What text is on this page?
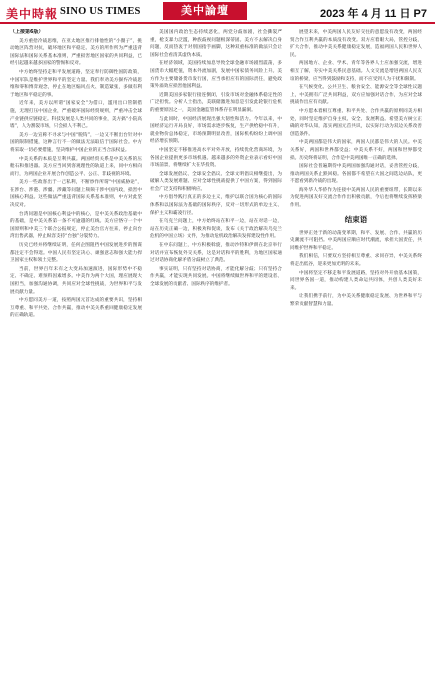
美中時報 SINO US TIMES	美中論壇	2023 年 4 月 11 日 P7

（上接第6版）

美方重拾冷战思维，在亚太地区推行排他性的“小圈子”，挑动地区阵营对抗，破坏地区和平稳定。美方的所作所为严重违背国际法和国际关系基本准则，严重损害地区国家的共同利益，已经引起越来越多国家的警惕和反对。

中方始终坚持走和平发展道路，坚定奉行防御性国防政策，中国军队是维护世界和平的坚定力量。我们奉劝美方摒弃冷战思维和零和博弈观念，停止在地区煽风点火、制造紧张，多做有利于地区和平稳定的事。

近年来，美方以所谓“国家安全”为借口，滥用出口管制措施，无理打压中国企业，严重破坏国际经贸规则，严重冲击全球产业链供应链稳定。科技发展是人类共同的事业，美方搞“小院高墙”，人为割裂市场，只会损人不利己。

美方一边宣称不寻求与中国“脱钩”，一边又不断出台针对中国的限制措施，这种言行不一的做法无法取信于国际社会。中方将采取一切必要措施，坚决维护中国企业的正当合法权益。

中美关系的本质是互利共赢。两国经贸关系是中美关系的压舱石和推进器。美方应当回到客观理性的轨道上来，同中方相向而行，为两国企业开展合作创造公平、公正、非歧视的环境。

美方一些政客出于一己私利，不断炒作所谓“中国威胁论”，在涉台、涉港、涉疆、涉藏等问题上频频干涉中国内政，损害中国核心利益。这些做法严重违背国际关系基本准则，中方对此坚决反对。

台湾问题是中国核心利益中的核心，是中美关系政治基础中的基础，是中美关系第一条不可逾越的红线。美方应恪守一个中国原则和中美三个联合公报规定，停止美台官方往来，停止向台湾出售武器，停止纵容支持“台独”分裂势力。

历史已经并将继续证明，任何企图阻挡中国发展进步的图谋都注定不会得逞。中国人民有坚定决心、顽强意志和强大能力捍卫国家主权和领土完整。

当前，世界百年未有之大变局加速演进，国际形势中不稳定、不确定、难预料因素增多。中美作为两个大国，理应展现大国担当，加强沟通协调，共同应对全球性挑战，为世界和平与发展贡献力量。

中方愿同美方一道，按照两国元首达成的重要共识，坚持相互尊重、和平共处、合作共赢，推动中美关系重回健康稳定发展的正确轨道。

美国国内政治生态持续恶化，两党分歧加剧，社会撕裂严重，枪支暴力泛滥，种族歧视问题根深蒂固。美方不去解决自身问题，反而热衷于对别国指手画脚，这种双重标准的做法只会让国际社会看清其虚伪本质。

在经济领域，美国持续加息导致全球金融市场剧烈震荡，多国货币大幅贬值，资本外流加剧，发展中国家债务风险上升。美方作为主要储备货币发行国，应当承担应有的国际责任，避免政策外溢效应损害他国利益。

近期美国多家银行接连倒闭，引发市场对金融体系稳定性的广泛担忧。分析人士指出，美联储激进加息是引发此轮银行危机的重要原因之一，美国金融监管体系存在明显漏洞。

与此同时，中国经济展现出强大韧性和活力。今年以来，中国经济运行开局良好，市场需求逐步恢复，生产供给稳中有升，就业物价总体稳定，市场预期明显改善，国际机构纷纷上调中国经济增长预期。

中国坚定不移推进高水平对外开放，持续优化营商环境，为各国企业提供更多市场机遇。越来越多的外资企业表示看好中国市场前景，将继续扩大在华投资。

全球发展倡议、全球安全倡议、全球文明倡议相继提出，为破解人类发展难题、应对全球性挑战提供了中国方案，得到国际社会广泛支持和积极响应。

中方倡导践行真正的多边主义，维护以联合国为核心的国际体系和以国际法为基础的国际秩序，反对一切形式的单边主义、保护主义和霸凌行径。

在乌克兰问题上，中方始终站在和平一边，站在对话一边，站在历史正确一边，积极劝和促谈，发布《关于政治解决乌克兰危机的中国立场》文件，为推动危机政治解决发挥建设性作用。

在中东问题上，中方积极斡旋，推动沙特和伊朗在北京举行对话并宣布恢复外交关系，这是对话和平的胜利，为地区国家通过对话协商化解矛盾分歧树立了典范。

事实证明，只有坚持对话协商，才能化解分歧；只有坚持合作共赢，才能实现共同发展。中国将继续做世界和平的建设者、全球发展的贡献者、国际秩序的维护者。

展望未来，中美两国人民友好交往的意愿没有改变，两国经贸合作互利共赢的本质没有改变。双方应着眼大局，管控分歧，扩大合作，推动中美关系健康稳定发展，造福两国人民和世界人民。

两国地方、企业、学术、青年等各界人士应加强交流，增进相互了解，夯实中美关系民意基础。人文交流是增进两国人民友谊的桥梁，应当得到鼓励和支持，而不应受到人为干扰和限制。

在气候变化、公共卫生、粮食安全、能源安全等全球性议题上，中美拥有广泛共同利益，双方应加强对话合作，为应对全球挑战作出应有贡献。

中方愿本着相互尊重、和平共处、合作共赢的原则同美方相处，同时坚定维护自身主权、安全、发展利益。希望美方树立正确的对华认知，落实两国元首共识，以实际行动为双边关系改善创造条件。

中美两国都是伟大的国家，两国人民都是伟大的人民。中美关系好，两国和世界都受益；中美关系不好，两国和世界都受损。历史终将证明，合作是中美两国唯一正确的选择。

国际社会普遍期待中美两国加强沟通对话，妥善管控分歧，推动两国关系止跌回稳。各国都不希望在大国之间选边站队，更不愿看到新冷战的出现。

海外华人华侨作为连接中美两国人民的重要纽带，长期以来为促进两国友好交流合作作出积极贡献，今后也将继续发挥桥梁作用。

结束语

世界正处于新的动荡变革期，和平、发展、合作、共赢的历史潮流不可阻挡。中美两国应顺应时代潮流，承担大国责任，共同维护世界和平稳定。

我们相信，只要双方坚持相互尊重、求同存异，中美关系终将走出低谷，迎来更加光明的未来。

中国将坚定不移走和平发展道路，坚持对外开放基本国策，同世界各国一道，推动构建人类命运共同体，共创人类美好未来。

让我们携手前行，为中美关系健康稳定发展、为世界和平与繁荣贡献智慧和力量。
